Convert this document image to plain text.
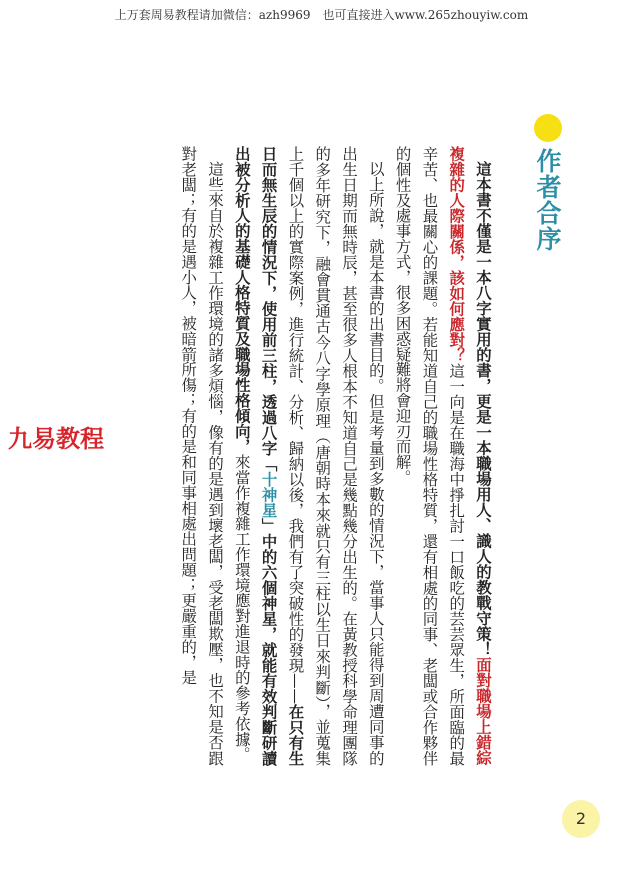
上万套周易教程请加微信：azh9969　也可直接进入www.265zhouyiw.com
作者合序

這本書不僅是一本八字實用的書，更是一本職場用人、識人的教戰守策！面對職場上錯綜複雜的人際關係，該如何應對？這一向是在職海中掙扎討一口飯吃的芸芸眾生，所面臨的最辛苦、也最關心的課題。若能知道自己的職場性格特質，還有相處的同事、老闆或合作夥伴的個性及處事方式，很多困惑疑難將會迎刃而解。

以上所說，就是本書的出書目的。但是考量到多數的情況下，當事人只能得到周遭同事的出生日期而無時辰，甚至很多人根本不知道自己是幾點幾分出生的。在黃教授科學命理團隊的多年研究下，融會貫通古今八字學原理（唐朝時本來就只有三柱以生日來判斷），並蒐集上千個以上的實際案例，進行統計、分析、歸納以後，我們有了突破性的發現——在只有生日而無生辰的情況下，使用前三柱，透過八字「十神星」中的六個神星，就能有效判斷研讀出被分析人的基礎人格特質及職場性格傾向，來當作複雜工作環境應對進退時的參考依據。

這些來自於複雜工作環境的諸多煩惱，像有的是遇到壞老闆，受老闆欺壓，也不知是否跟對老闆；有的是遇小人，被暗箭所傷；有的是和同事相處出問題；更嚴重的，是

九易教程
2
